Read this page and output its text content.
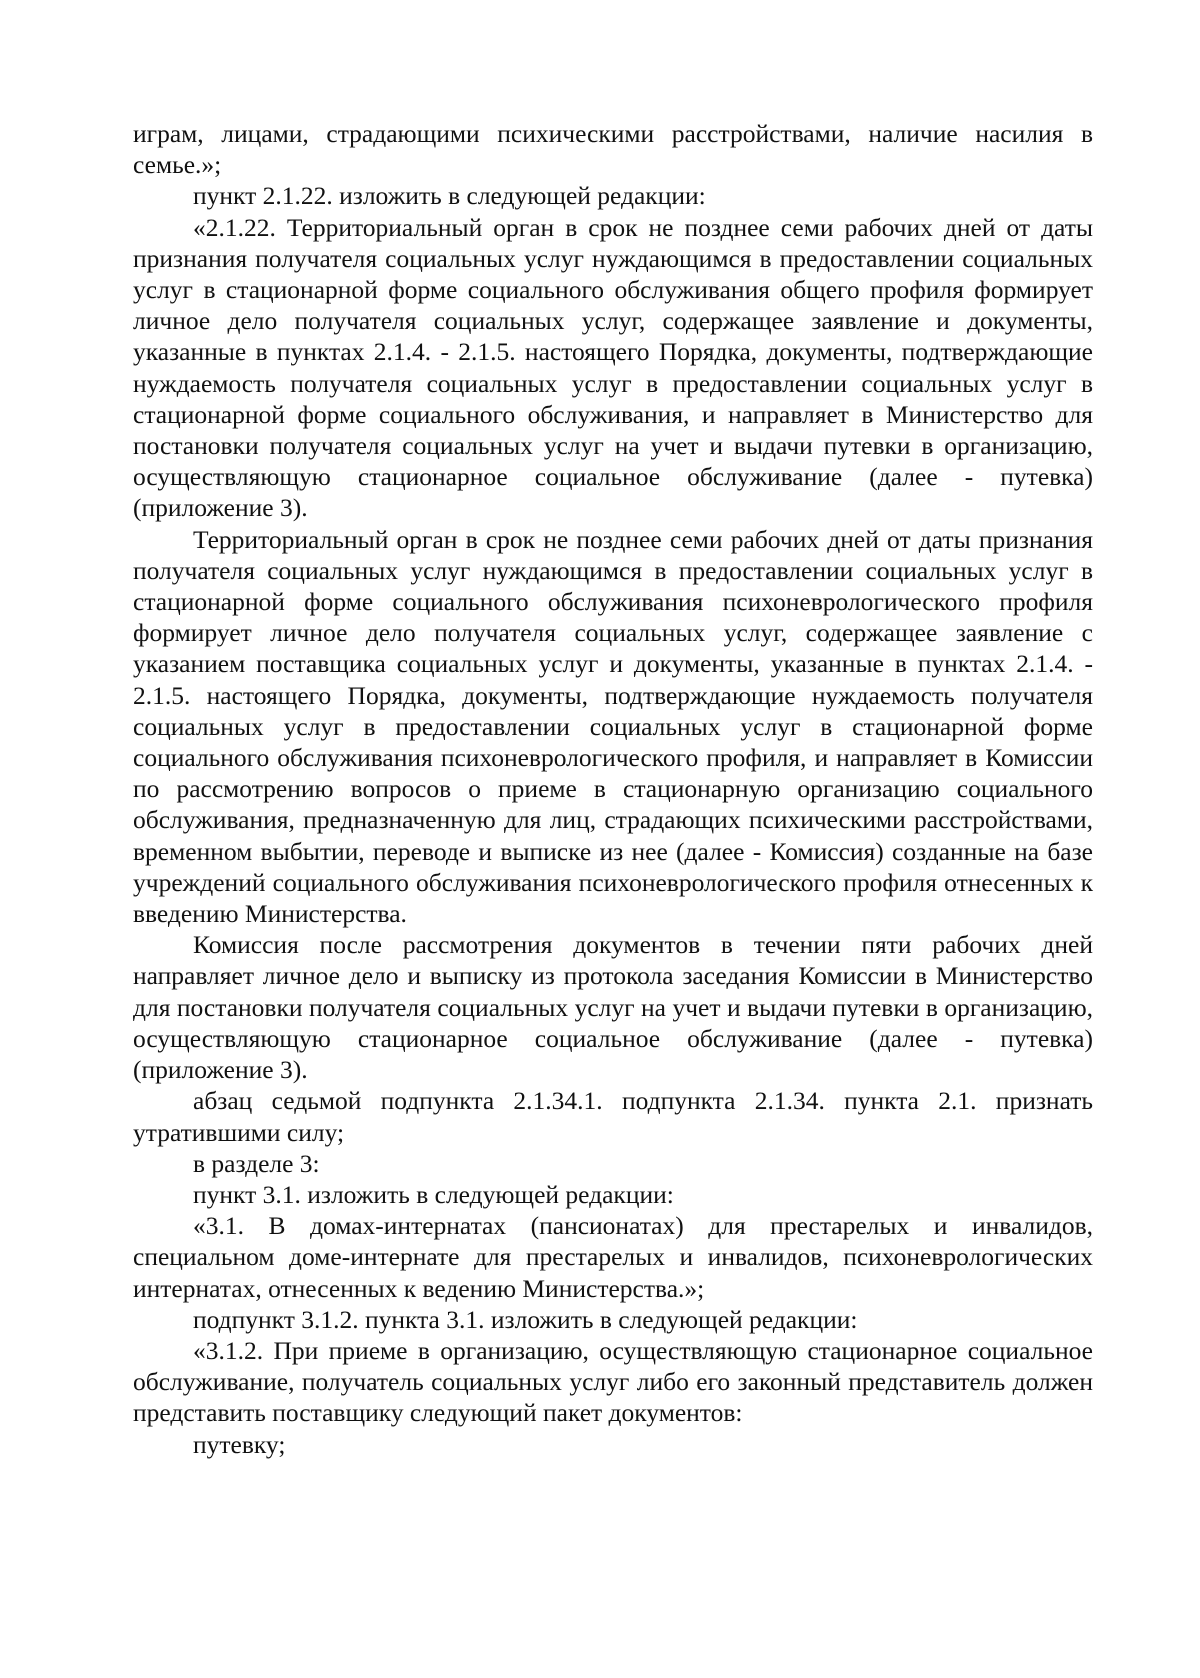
играм, лицами, страдающими психическими расстройствами, наличие насилия в семье.»;

пункт 2.1.22. изложить в следующей редакции:

«2.1.22. Территориальный орган в срок не позднее семи рабочих дней от даты признания получателя социальных услуг нуждающимся в предоставлении социальных услуг в стационарной форме социального обслуживания общего профиля формирует личное дело получателя социальных услуг, содержащее заявление и документы, указанные в пунктах 2.1.4. - 2.1.5. настоящего Порядка, документы, подтверждающие нуждаемость получателя социальных услуг в предоставлении социальных услуг в стационарной форме социального обслуживания, и направляет в Министерство для постановки получателя социальных услуг на учет и выдачи путевки в организацию, осуществляющую стационарное социальное обслуживание (далее - путевка) (приложение 3).

Территориальный орган в срок не позднее семи рабочих дней от даты признания получателя социальных услуг нуждающимся в предоставлении социальных услуг в стационарной форме социального обслуживания психоневрологического профиля формирует личное дело получателя социальных услуг, содержащее заявление с указанием поставщика социальных услуг и документы, указанные в пунктах 2.1.4. - 2.1.5. настоящего Порядка, документы, подтверждающие нуждаемость получателя социальных услуг в предоставлении социальных услуг в стационарной форме социального обслуживания психоневрологического профиля, и направляет в Комиссии по рассмотрению вопросов о приеме в стационарную организацию социального обслуживания, предназначенную для лиц, страдающих психическими расстройствами, временном выбытии, переводе и выписке из нее (далее - Комиссия) созданные на базе учреждений социального обслуживания психоневрологического профиля отнесенных к введению Министерства.

Комиссия после рассмотрения документов в течении пяти рабочих дней направляет личное дело и выписку из протокола заседания Комиссии в Министерство для постановки получателя социальных услуг на учет и выдачи путевки в организацию, осуществляющую стационарное социальное обслуживание (далее - путевка) (приложение 3).

абзац седьмой подпункта 2.1.34.1. подпункта 2.1.34. пункта 2.1. признать утратившими силу;

в разделе 3:

пункт 3.1. изложить в следующей редакции:

«3.1. В домах-интернатах (пансионатах) для престарелых и инвалидов, специальном доме-интернате для престарелых и инвалидов, психоневрологических интернатах, отнесенных к ведению Министерства.»;

подпункт 3.1.2. пункта 3.1. изложить в следующей редакции:

«3.1.2. При приеме в организацию, осуществляющую стационарное социальное обслуживание, получатель социальных услуг либо его законный представитель должен представить поставщику следующий пакет документов:

путевку;
